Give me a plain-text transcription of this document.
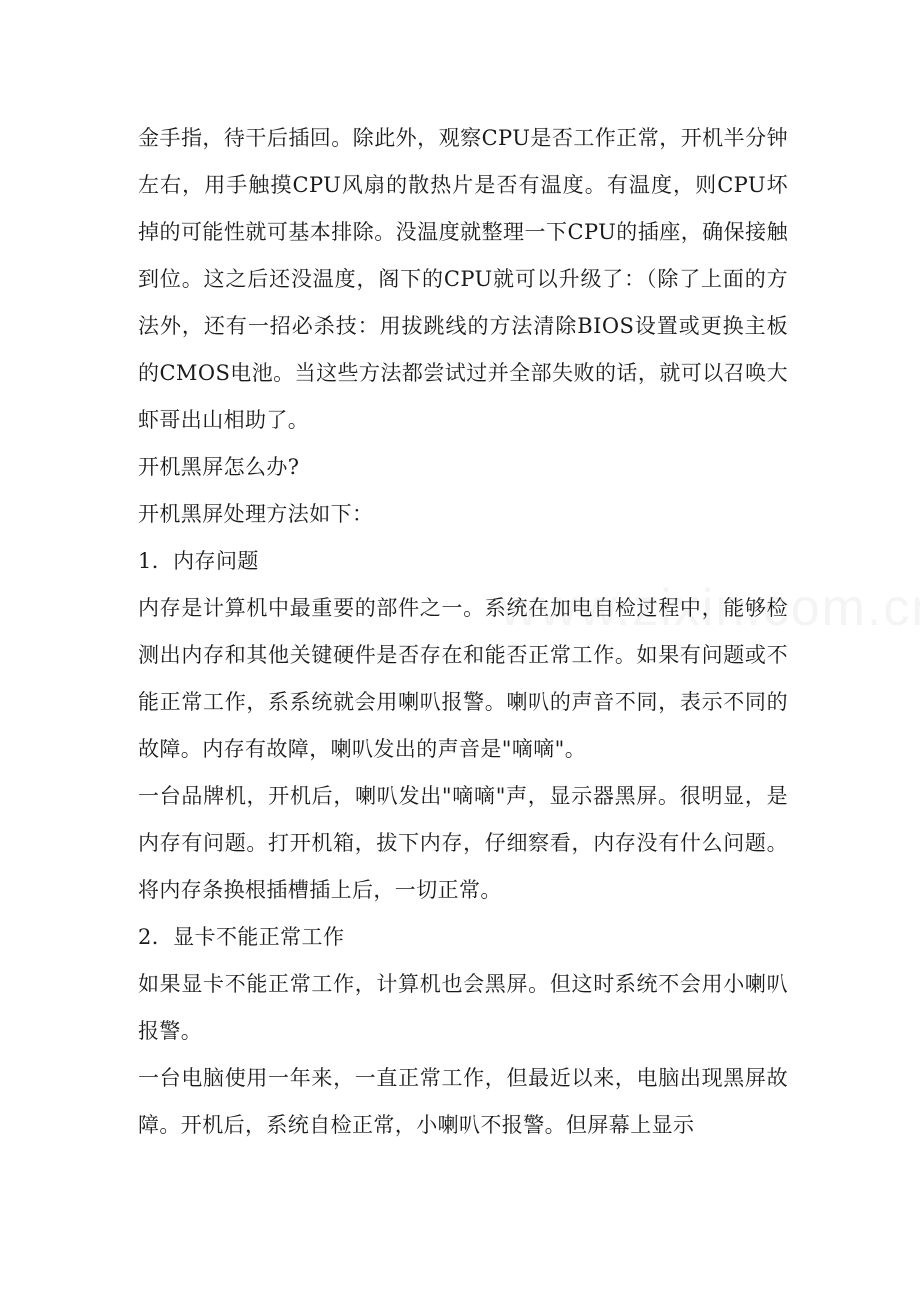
金手指，待干后插回。除此外，观察CPU是否工作正常，开机半分钟左右，用手触摸CPU风扇的散热片是否有温度。有温度，则CPU坏掉的可能性就可基本排除。没温度就整理一下CPU的插座，确保接触到位。这之后还没温度，阁下的CPU就可以升级了：（除了上面的方法外，还有一招必杀技：用拔跳线的方法清除BIOS设置或更换主板的CMOS电池。当这些方法都尝试过并全部失败的话，就可以召唤大虾哥出山相助了。

开机黑屏怎么办?

开机黑屏处理方法如下：

1．内存问题

内存是计算机中最重要的部件之一。系统在加电自检过程中，能够检测出内存和其他关键硬件是否存在和能否正常工作。如果有问题或不能正常工作，系系统就会用喇叭报警。喇叭的声音不同，表示不同的故障。内存有故障，喇叭发出的声音是"嘀嘀"。

一台品牌机，开机后，喇叭发出"嘀嘀"声，显示器黑屏。很明显，是内存有问题。打开机箱，拔下内存，仔细察看，内存没有什么问题。将内存条换根插槽插上后，一切正常。

2．显卡不能正常工作

如果显卡不能正常工作，计算机也会黑屏。但这时系统不会用小喇叭报警。

一台电脑使用一年来，一直正常工作，但最近以来，电脑出现黑屏故障。开机后，系统自检正常，小喇叭不报警。但屏幕上显示
